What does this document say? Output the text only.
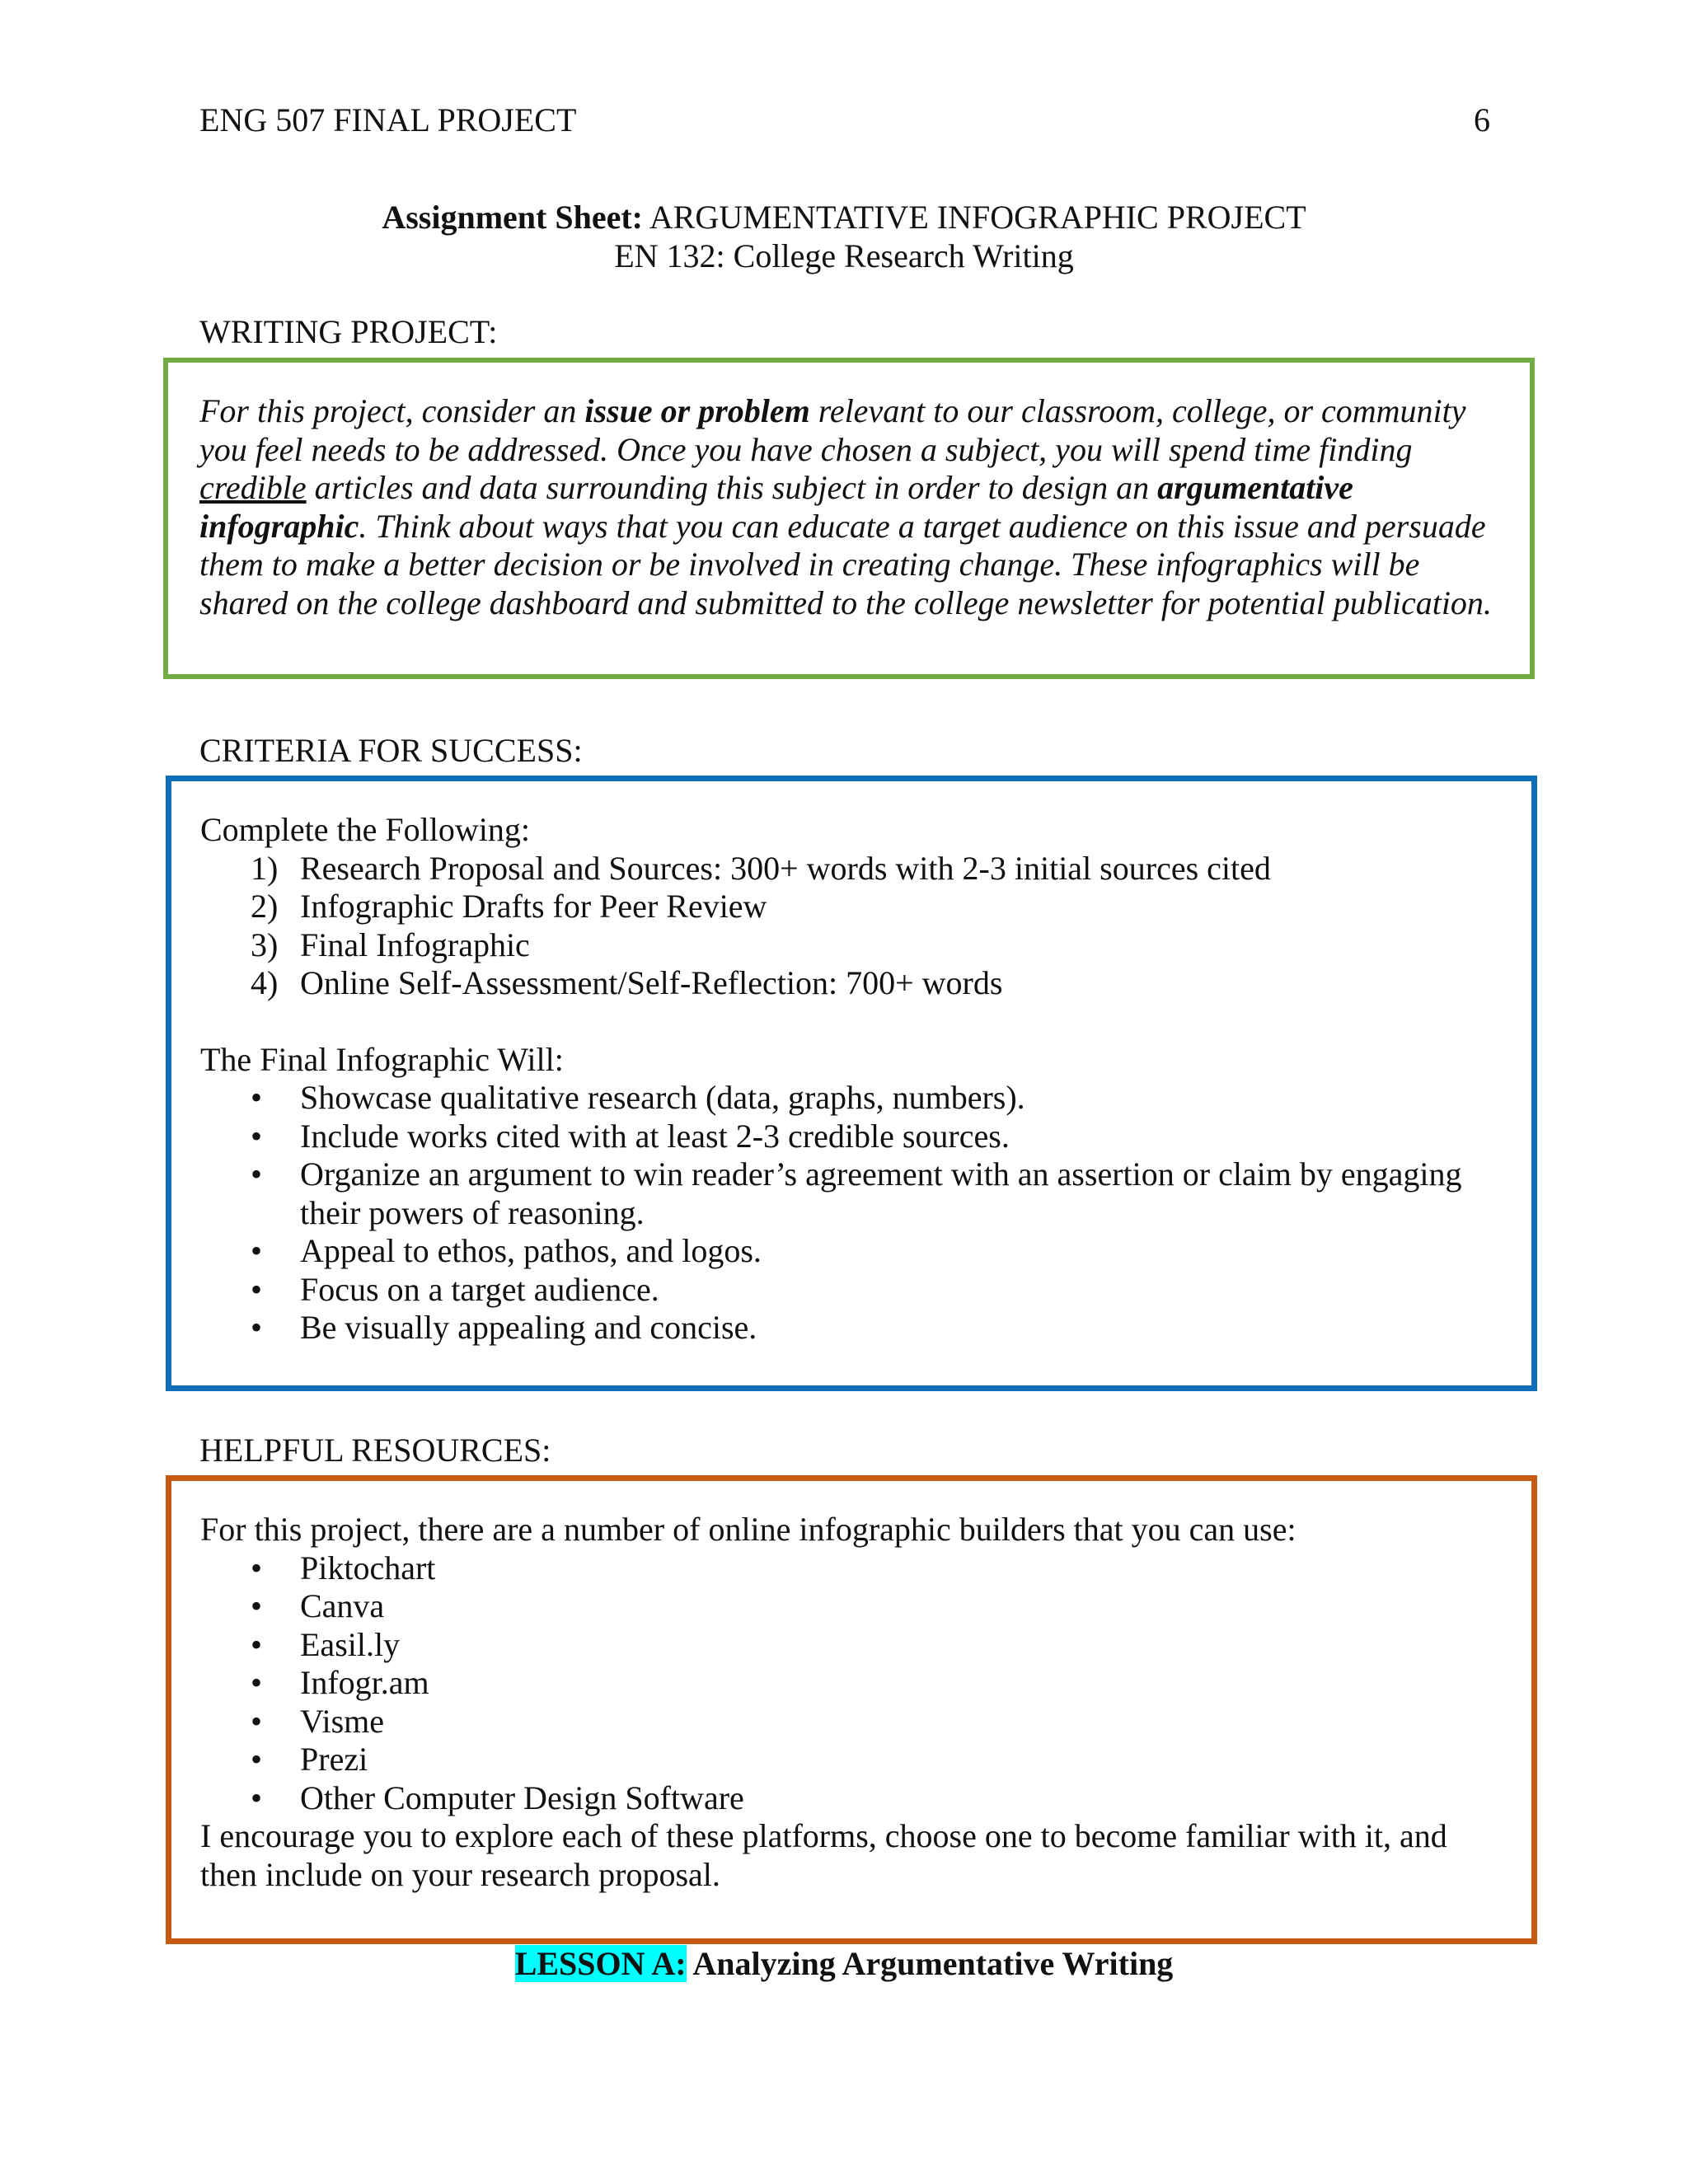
ENG 507 FINAL PROJECT	6
Assignment Sheet: ARGUMENTATIVE INFOGRAPHIC PROJECT
EN 132: College Research Writing
WRITING PROJECT:

For this project, consider an issue or problem relevant to our classroom, college, or community you feel needs to be addressed. Once you have chosen a subject, you will spend time finding credible articles and data surrounding this subject in order to design an argumentative infographic. Think about ways that you can educate a target audience on this issue and persuade them to make a better decision or be involved in creating change. These infographics will be shared on the college dashboard and submitted to the college newsletter for potential publication.

CRITERIA FOR SUCCESS:

Complete the Following:

1) Research Proposal and Sources: 300+ words with 2-3 initial sources cited
2) Infographic Drafts for Peer Review
3) Final Infographic
4) Online Self-Assessment/Self-Reflection: 700+ words

The Final Infographic Will:

• Showcase qualitative research (data, graphs, numbers).
• Include works cited with at least 2-3 credible sources.
• Organize an argument to win reader’s agreement with an assertion or claim by engaging their powers of reasoning.
• Appeal to ethos, pathos, and logos.
• Focus on a target audience.
• Be visually appealing and concise.
HELPFUL RESOURCES:

For this project, there are a number of online infographic builders that you can use:

• Piktochart
• Canva
• Easil.ly
• Infogr.am
• Visme
• Prezi
• Other Computer Design Software

I encourage you to explore each of these platforms, choose one to become familiar with it, and then include on your research proposal.

LESSON A: Analyzing Argumentative Writing
